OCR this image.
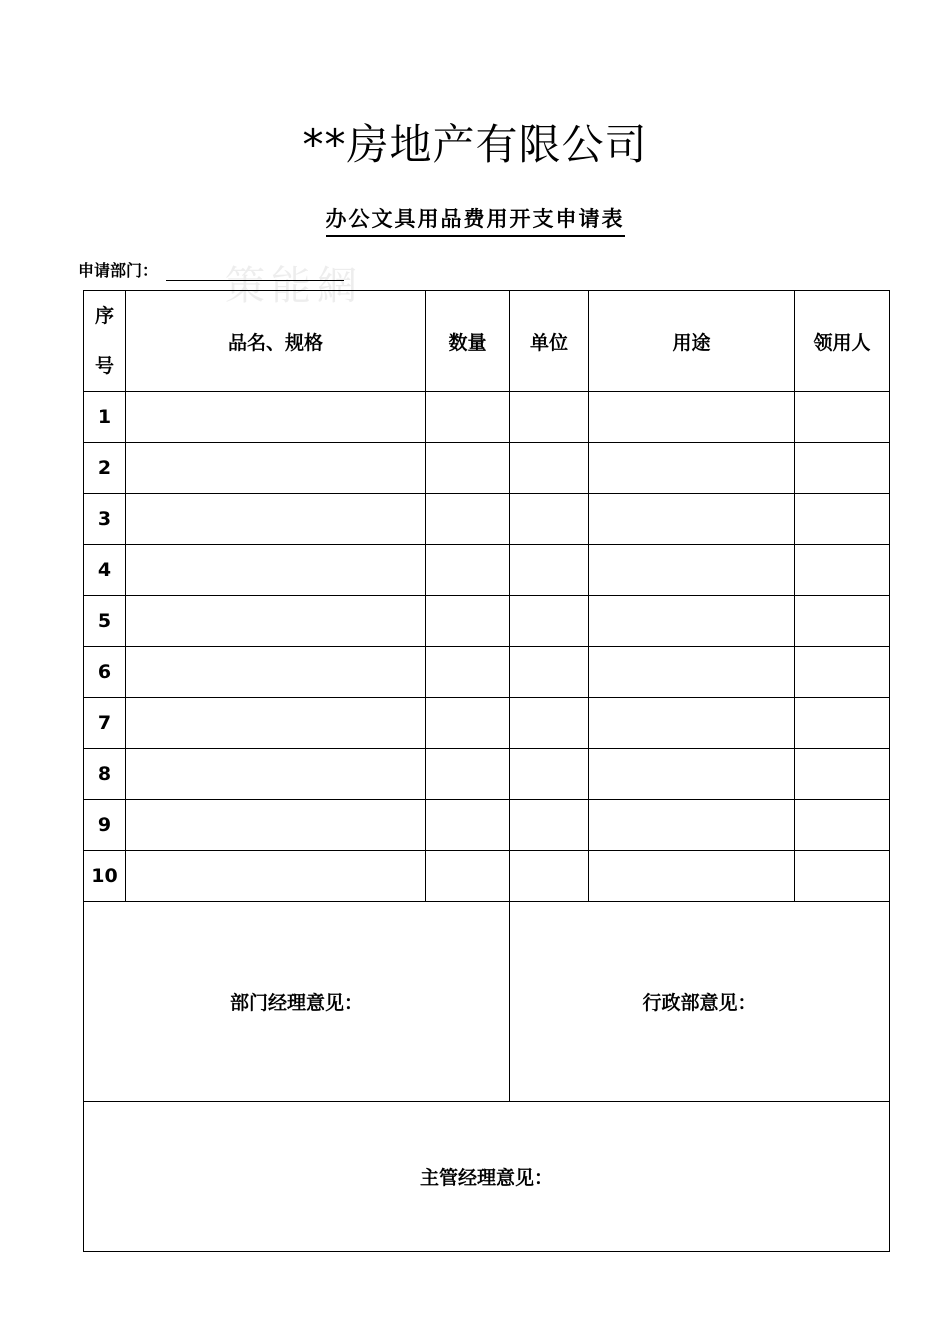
**房地产有限公司
办公文具用品费用开支申请表
策能網
申请部门：
序
号	品名、规格	数量	单位	用途	领用人
1					
2					
3					
4					
5					
6					
7					
8					
9					
10					
部门经理意见：			行政部意见：		
主管经理意见：					
